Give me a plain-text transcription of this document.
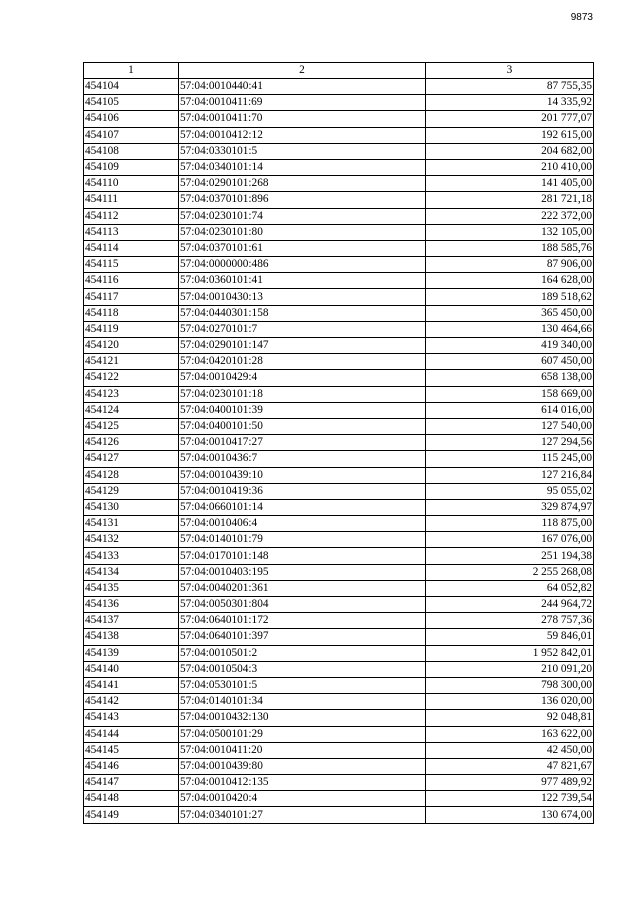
9873
1	2	3
454104	57:04:0010440:41	87 755,35
454105	57:04:0010411:69	14 335,92
454106	57:04:0010411:70	201 777,07
454107	57:04:0010412:12	192 615,00
454108	57:04:0330101:5	204 682,00
454109	57:04:0340101:14	210 410,00
454110	57:04:0290101:268	141 405,00
454111	57:04:0370101:896	281 721,18
454112	57:04:0230101:74	222 372,00
454113	57:04:0230101:80	132 105,00
454114	57:04:0370101:61	188 585,76
454115	57:04:0000000:486	87 906,00
454116	57:04:0360101:41	164 628,00
454117	57:04:0010430:13	189 518,62
454118	57:04:0440301:158	365 450,00
454119	57:04:0270101:7	130 464,66
454120	57:04:0290101:147	419 340,00
454121	57:04:0420101:28	607 450,00
454122	57:04:0010429:4	658 138,00
454123	57:04:0230101:18	158 669,00
454124	57:04:0400101:39	614 016,00
454125	57:04:0400101:50	127 540,00
454126	57:04:0010417:27	127 294,56
454127	57:04:0010436:7	115 245,00
454128	57:04:0010439:10	127 216,84
454129	57:04:0010419:36	95 055,02
454130	57:04:0660101:14	329 874,97
454131	57:04:0010406:4	118 875,00
454132	57:04:0140101:79	167 076,00
454133	57:04:0170101:148	251 194,38
454134	57:04:0010403:195	2 255 268,08
454135	57:04:0040201:361	64 052,82
454136	57:04:0050301:804	244 964,72
454137	57:04:0640101:172	278 757,36
454138	57:04:0640101:397	59 846,01
454139	57:04:0010501:2	1 952 842,01
454140	57:04:0010504:3	210 091,20
454141	57:04:0530101:5	798 300,00
454142	57:04:0140101:34	136 020,00
454143	57:04:0010432:130	92 048,81
454144	57:04:0500101:29	163 622,00
454145	57:04:0010411:20	42 450,00
454146	57:04:0010439:80	47 821,67
454147	57:04:0010412:135	977 489,92
454148	57:04:0010420:4	122 739,54
454149	57:04:0340101:27	130 674,00
